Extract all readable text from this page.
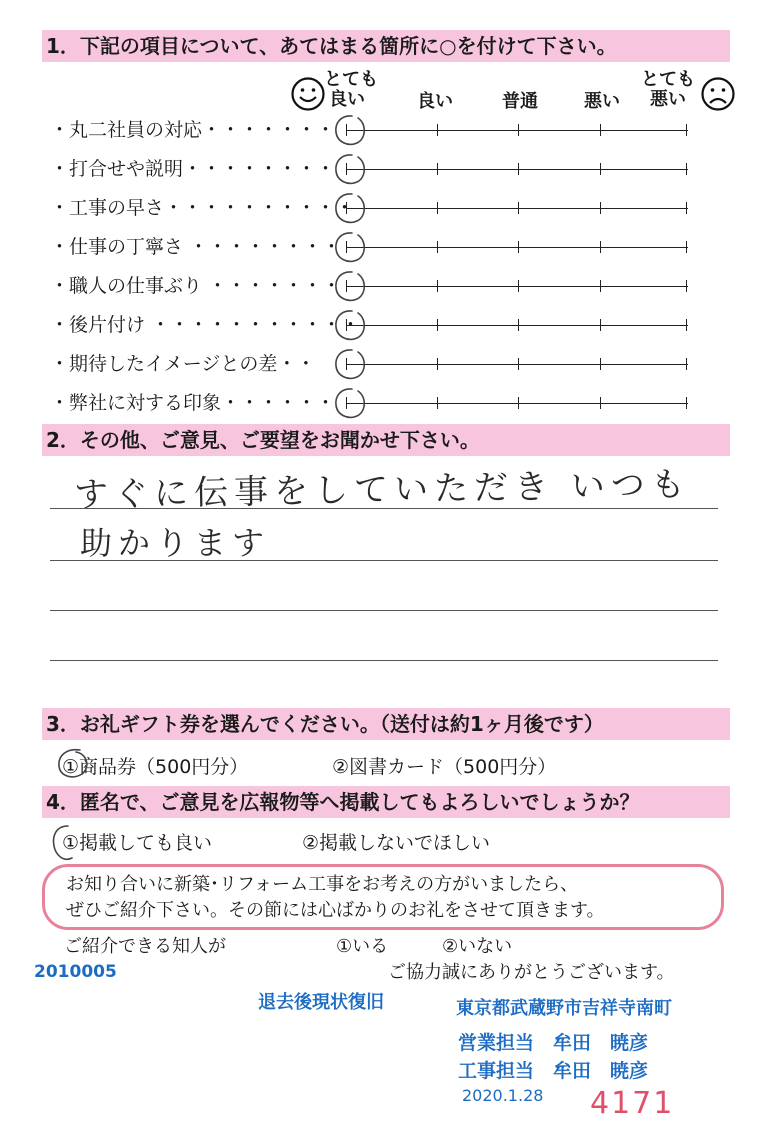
1．下記の項目について、あてはまる箇所に○を付けて下さい。
とても
良い	良い	普通	悪い
とても
悪い
・丸二社員の対応・・・・・・・
・打合せや説明・・・・・・・・
・工事の早さ・・・・・・・・・・
・仕事の丁寧さ ・・・・・・・・
・職人の仕事ぶり ・・・・・・・
・後片付け ・・・・・・・・・・・
・期待したイメージとの差・・
・弊社に対する印象・・・・・・
2．その他、ご意見、ご要望をお聞かせ下さい。
すぐに伝事をしていただき いつも
助かります
3．お礼ギフト券を選んでください。（送付は約1ヶ月後です）
①商品券（500円分）	②図書カード（500円分）
4．匿名で、ご意見を広報物等へ掲載してもよろしいでしょうか？
①掲載しても良い	②掲載しないでほしい
お知り合いに新築･リフォーム工事をお考えの方がいましたら、
ぜひご紹介下さい。その節には心ばかりのお礼をさせて頂きます。
ご紹介できる知人が	①いる	②いない
ご協力誠にありがとうございます。
2010005
退去後現状復旧	東京都武蔵野市吉祥寺南町
営業担当　牟田　暁彦
工事担当　牟田　暁彦
2020.1.28 4171
